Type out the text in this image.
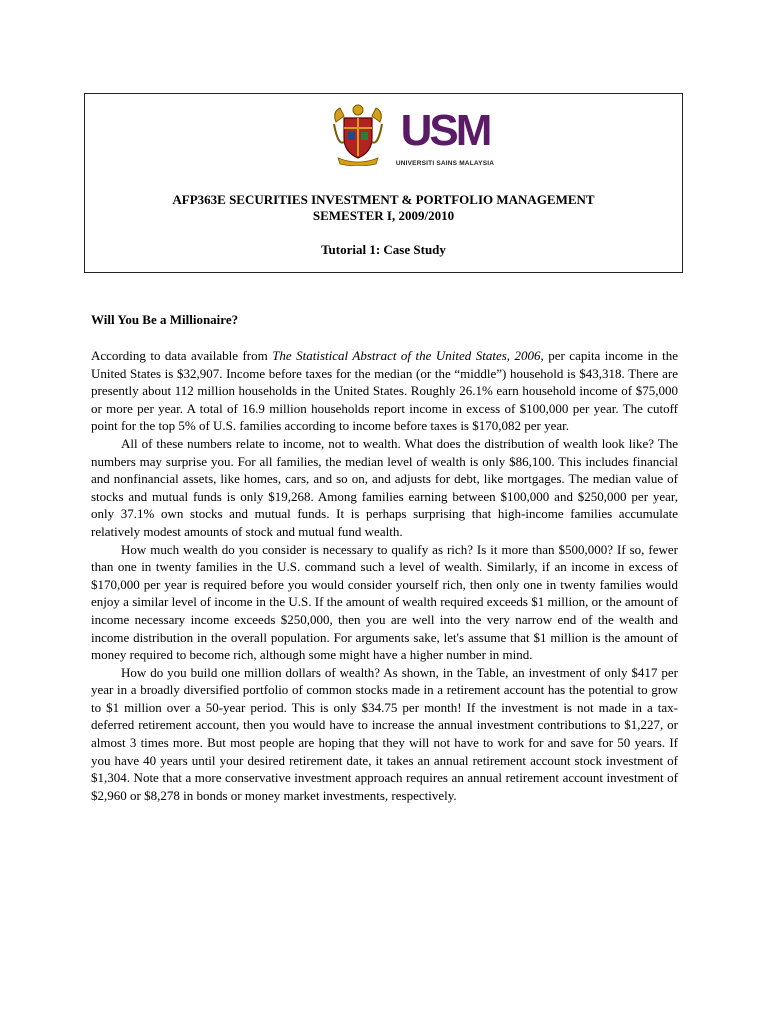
USM
UNIVERSITI SAINS MALAYSIA
AFP363E SECURITIES INVESTMENT & PORTFOLIO MANAGEMENT
SEMESTER I, 2009/2010
Tutorial 1: Case Study
Will You Be a Millionaire?

According to data available from The Statistical Abstract of the United States, 2006, per capita income in the United States is $32,907. Income before taxes for the median (or the “middle”) household is $43,318. There are presently about 112 million households in the United States. Roughly 26.1% earn household income of $75,000 or more per year. A total of 16.9 million households report income in excess of $100,000 per year. The cutoff point for the top 5% of U.S. families according to income before taxes is $170,082 per year.

All of these numbers relate to income, not to wealth. What does the distribution of wealth look like? The numbers may surprise you. For all families, the median level of wealth is only $86,100. This includes financial and nonfinancial assets, like homes, cars, and so on, and adjusts for debt, like mortgages. The median value of stocks and mutual funds is only $19,268. Among families earning between $100,000 and $250,000 per year, only 37.1% own stocks and mutual funds. It is perhaps surprising that high-income families accumulate relatively modest amounts of stock and mutual fund wealth.

How much wealth do you consider is necessary to qualify as rich? Is it more than $500,000? If so, fewer than one in twenty families in the U.S. command such a level of wealth. Similarly, if an income in excess of $170,000 per year is required before you would consider yourself rich, then only one in twenty families would enjoy a similar level of income in the U.S. If the amount of wealth required exceeds $1 million, or the amount of income necessary income exceeds $250,000, then you are well into the very narrow end of the wealth and income distribution in the overall population. For arguments sake, let's assume that $1 million is the amount of money required to become rich, although some might have a higher number in mind.

How do you build one million dollars of wealth? As shown, in the Table, an investment of only $417 per year in a broadly diversified portfolio of common stocks made in a retirement account has the potential to grow to $1 million over a 50-year period. This is only $34.75 per month! If the investment is not made in a tax-deferred retirement account, then you would have to increase the annual investment contributions to $1,227, or almost 3 times more. But most people are hoping that they will not have to work for and save for 50 years. If you have 40 years until your desired retirement date, it takes an annual retirement account stock investment of $1,304. Note that a more conservative investment approach requires an annual retirement account investment of $2,960 or $8,278 in bonds or money market investments, respectively.
